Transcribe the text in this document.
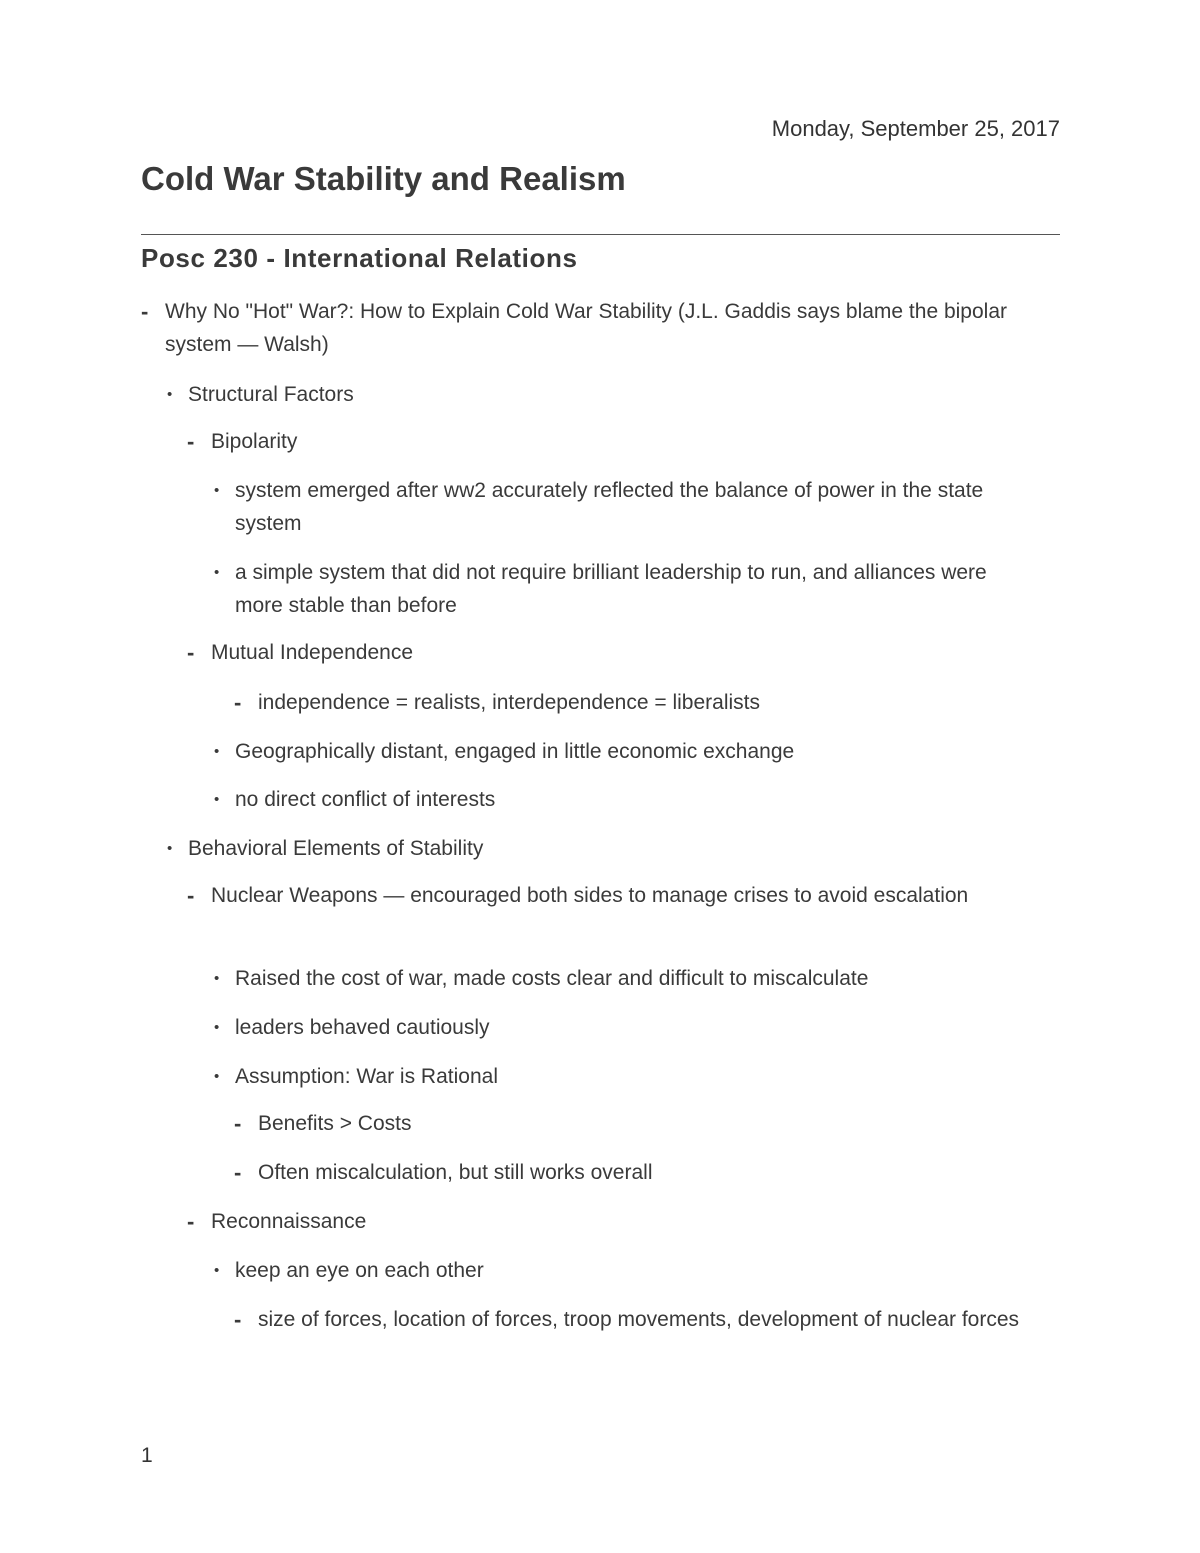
Monday, September 25, 2017
Cold War Stability and Realism
Posc 230 - International Relations
- Why No "Hot" War?: How to Explain Cold War Stability (J.L. Gaddis says blame the bipolar system — Walsh)
• Structural Factors
- Bipolarity
• system emerged after ww2 accurately reflected the balance of power in the state system
• a simple system that did not require brilliant leadership to run, and alliances were more stable than before
- Mutual Independence
- independence = realists, interdependence = liberalists
• Geographically distant, engaged in little economic exchange
• no direct conflict of interests
• Behavioral Elements of Stability
- Nuclear Weapons — encouraged both sides to manage crises to avoid escalation
• Raised the cost of war, made costs clear and difficult to miscalculate
• leaders behaved cautiously
• Assumption: War is Rational
- Benefits > Costs
- Often miscalculation, but still works overall
- Reconnaissance
• keep an eye on each other
- size of forces, location of forces, troop movements, development of nuclear forces
1
